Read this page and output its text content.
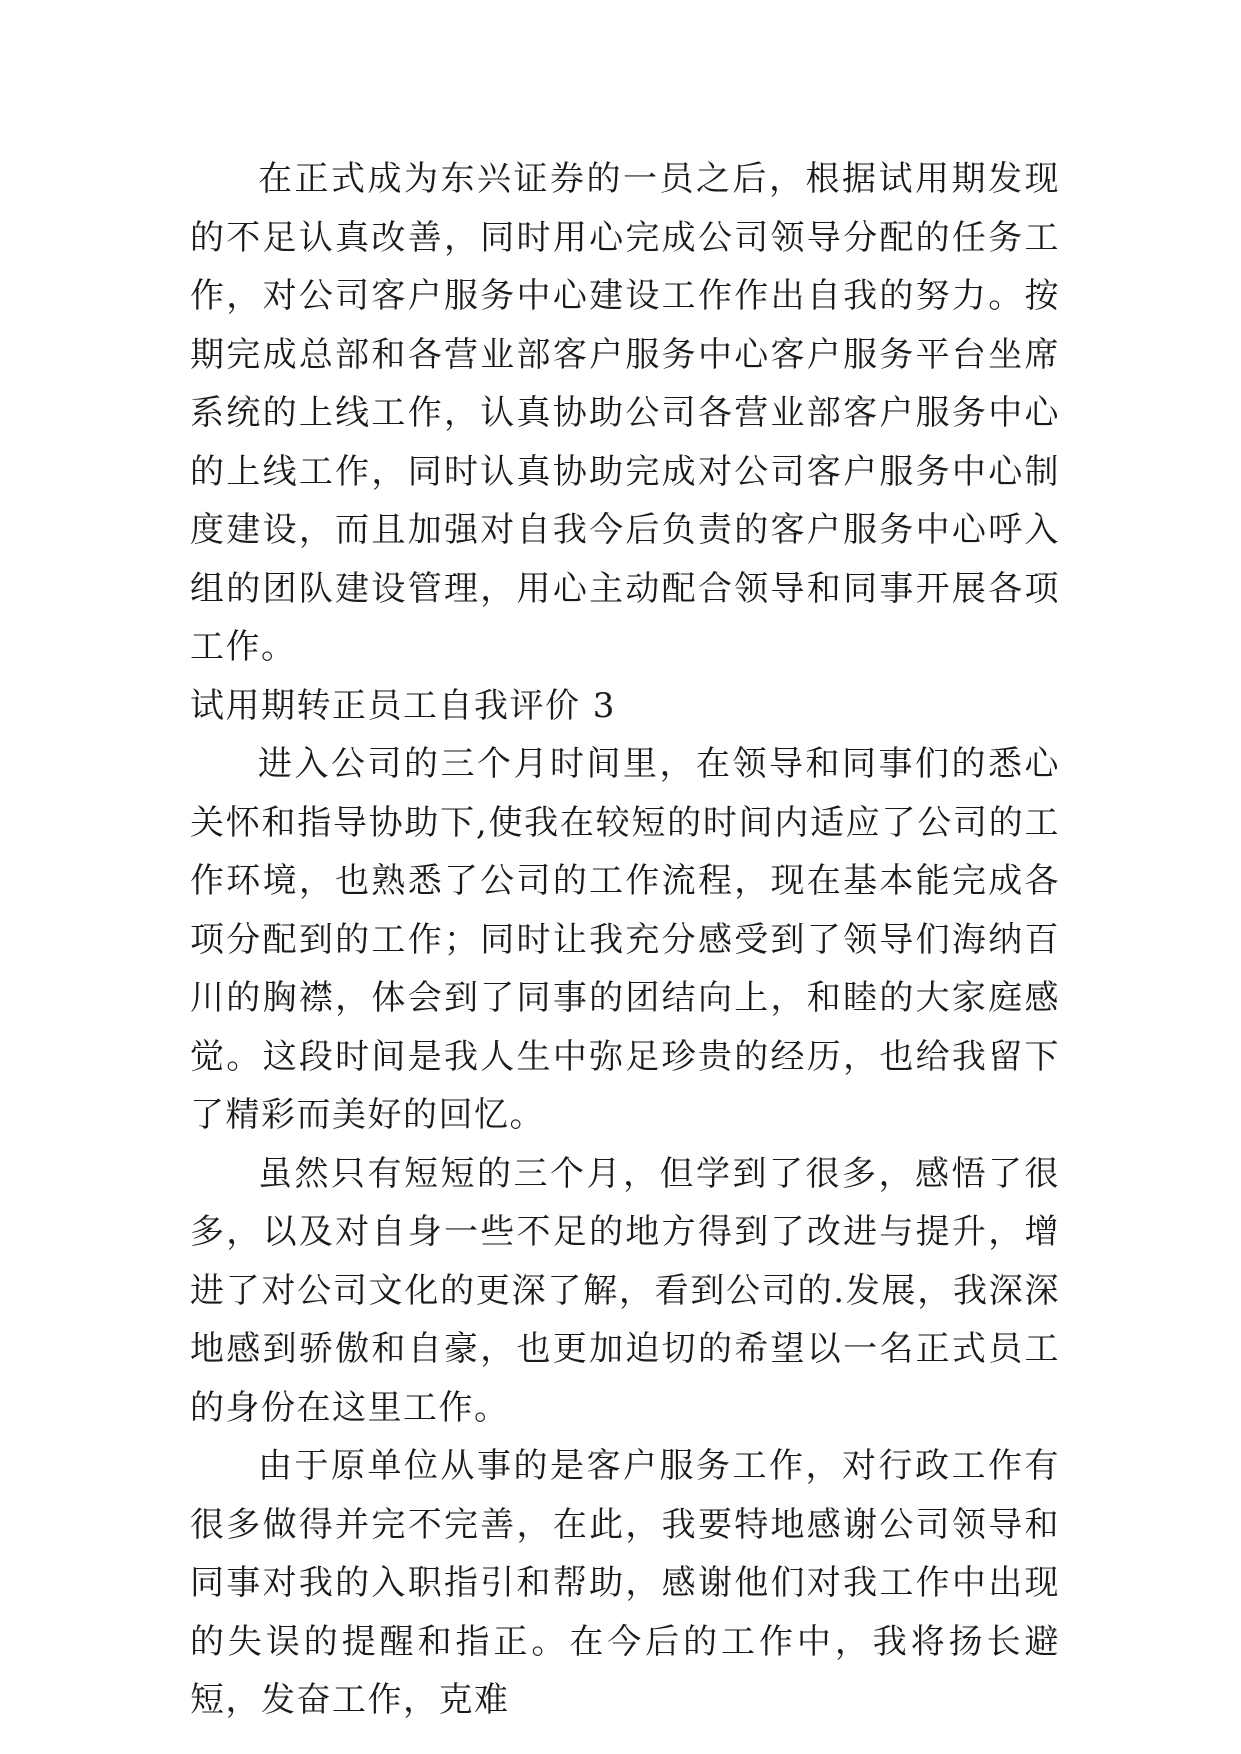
在正式成为东兴证券的一员之后，根据试用期发现的不足认真改善，同时用心完成公司领导分配的任务工作，对公司客户服务中心建设工作作出自我的努力。按期完成总部和各营业部客户服务中心客户服务平台坐席系统的上线工作，认真协助公司各营业部客户服务中心的上线工作，同时认真协助完成对公司客户服务中心制度建设，而且加强对自我今后负责的客户服务中心呼入组的团队建设管理，用心主动配合领导和同事开展各项工作。

试用期转正员工自我评价 3

进入公司的三个月时间里，在领导和同事们的悉心关怀和指导协助下,使我在较短的时间内适应了公司的工作环境，也熟悉了公司的工作流程，现在基本能完成各项分配到的工作；同时让我充分感受到了领导们海纳百川的胸襟，体会到了同事的团结向上，和睦的大家庭感觉。这段时间是我人生中弥足珍贵的经历，也给我留下了精彩而美好的回忆。

虽然只有短短的三个月，但学到了很多，感悟了很多，以及对自身一些不足的地方得到了改进与提升，增进了对公司文化的更深了解，看到公司的.发展，我深深地感到骄傲和自豪，也更加迫切的希望以一名正式员工的身份在这里工作。

由于原单位从事的是客户服务工作，对行政工作有很多做得并完不完善，在此，我要特地感谢公司领导和同事对我的入职指引和帮助，感谢他们对我工作中出现的失误的提醒和指正。在今后的工作中，我将扬长避短，发奋工作，克难
